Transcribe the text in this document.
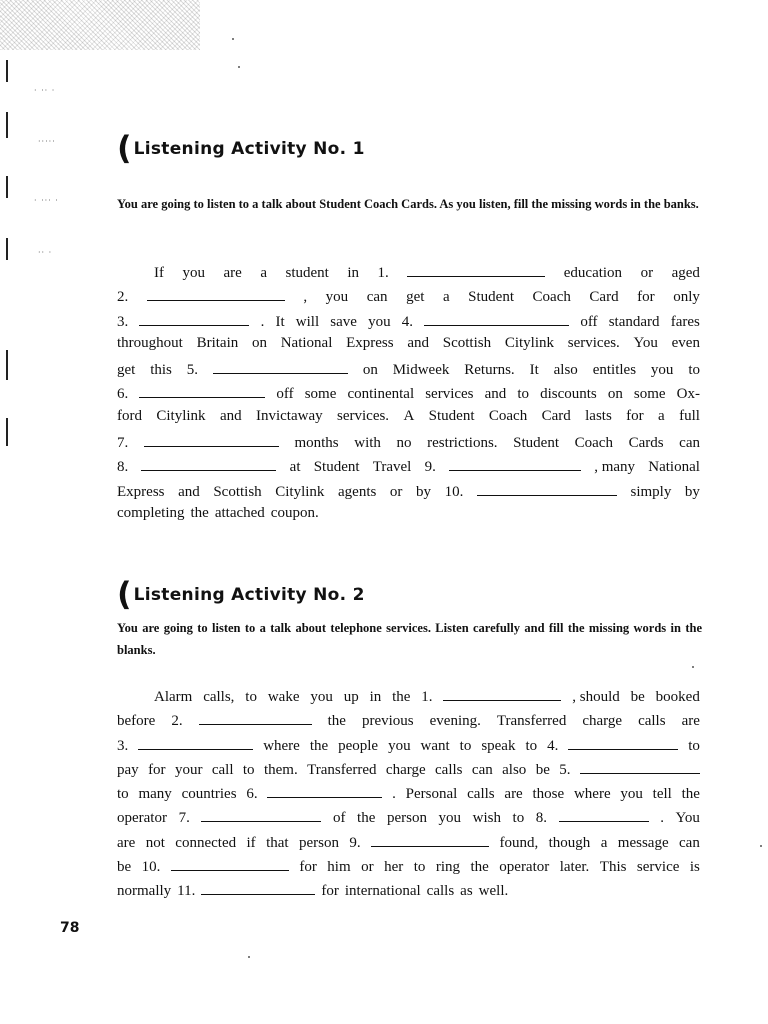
· ·· ·
·····
· ··· ·
·· ·
( Listening Activity No. 1
You are going to listen to a talk about Student Coach Cards. As you listen, fill the missing words in the banks.
If you are a student in 1.	education or aged
2.	, you can get a Student Coach Card for only
3.	. It will save you 4.	off standard fares
throughout Britain on National Express and Scottish Citylink services. You even
get this 5.	on Midweek Returns. It also entitles you to
6.	off some continental services and to discounts on some Ox-
ford Citylink and Invictaway services. A Student Coach Card lasts for a full
7.	months with no restrictions. Student Coach Cards can
8.	at Student Travel 9.	, many National
Express and Scottish Citylink agents or by 10.	simply by
completing the attached coupon.
( Listening Activity No. 2
You are going to listen to a talk about telephone services. Listen carefully and fill the missing words in the blanks.
Alarm calls, to wake you up in the 1.	, should be booked
before 2.	the previous evening. Transferred charge calls are
3.	where the people you want to speak to 4.	to
pay for your call to them. Transferred charge calls can also be 5.
to many countries 6.	. Personal calls are those where you tell the
operator 7.	of the person you wish to 8.	. You
are not connected if that person 9.	found, though a message can
be 10.	for him or her to ring the operator later. This service is
normally 11.	for international calls as well.
78
